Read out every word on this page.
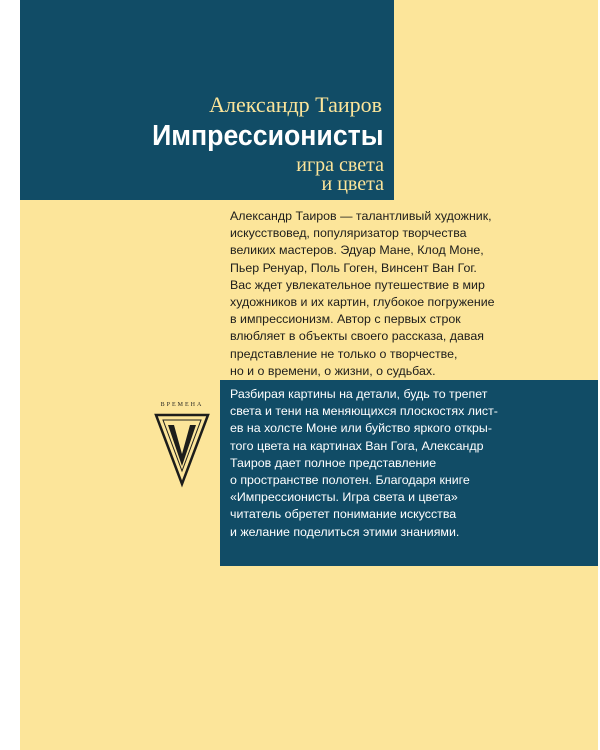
Александр Таиров
Импрессионисты
игра света
и цвета

Александр Таиров — талантливый художник,
искусствовед, популяризатор творчества
великих мастеров. Эдуар Мане, Клод Моне,
Пьер Ренуар, Поль Гоген, Винсент Ван Гог.
Вас ждет увлекательное путешествие в мир
художников и их картин, глубокое погружение
в импрессионизм. Автор с первых строк
влюбляет в объекты своего рассказа, давая
представление не только о творчестве,
но и о времени, о жизни, о судьбах.

Разбирая картины на детали, будь то трепет
света и тени на меняющихся плоскостях лист-
ев на холсте Моне или буйство яркого откры-
того цвета на картинах Ван Гога, Александр
Таиров дает полное представление
о пространстве полотен. Благодаря книге
«Импрессионисты. Игра света и цвета»
читатель обретет понимание искусства
и желание поделиться этими знаниями.

ВРЕМЕНА
